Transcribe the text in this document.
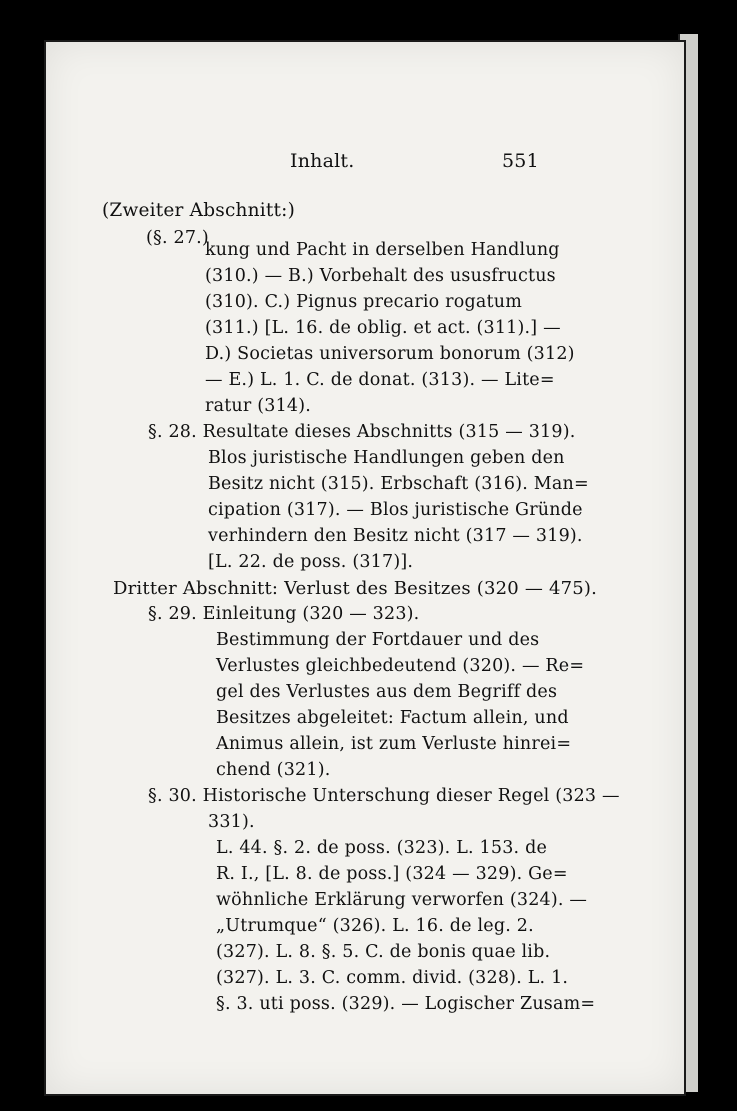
Inhalt.	551
(Zweiter Abschnitt:)
(§. 27.)
kung und Pacht in derselben Handlung
(310.) — B.) Vorbehalt des ususfructus
(310). C.) Pignus precario rogatum
(311.) [L. 16. de oblig. et act. (311).] —
D.) Societas universorum bonorum (312)
— E.) L. 1. C. de donat. (313). — Lite=
ratur (314).
§. 28. Resultate dieses Abschnitts (315 — 319).
Blos juristische Handlungen geben den
Besitz nicht (315). Erbschaft (316). Man=
cipation (317). — Blos juristische Gründe
verhindern den Besitz nicht (317 — 319).
[L. 22. de poss. (317)].
Dritter Abschnitt: Verlust des Besitzes (320 — 475).
§. 29. Einleitung (320 — 323).
Bestimmung der Fortdauer und des
Verlustes gleichbedeutend (320). — Re=
gel des Verlustes aus dem Begriff des
Besitzes abgeleitet: Factum allein, und
Animus allein, ist zum Verluste hinrei=
chend (321).
§. 30. Historische Unterschung dieser Regel (323 —
331).
L. 44. §. 2. de poss. (323). L. 153. de
R. I., [L. 8. de poss.] (324 — 329). Ge=
wöhnliche Erklärung verworfen (324). —
„Utrumque“ (326). L. 16. de leg. 2.
(327). L. 8. §. 5. C. de bonis quae lib.
(327). L. 3. C. comm. divid. (328). L. 1.
§. 3. uti poss. (329). — Logischer Zusam=
